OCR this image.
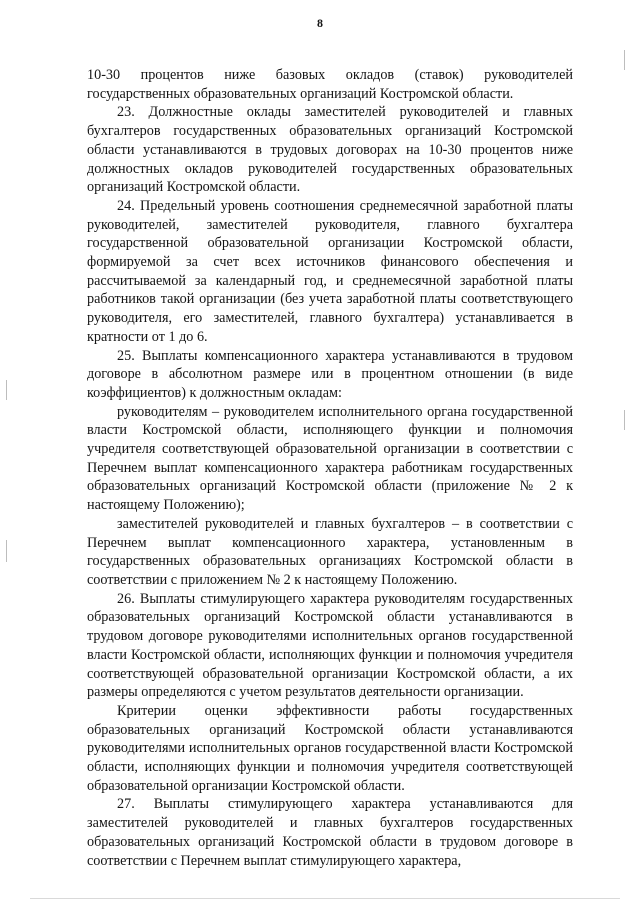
8

10-30 процентов ниже базовых окладов (ставок) руководителей государственных образовательных организаций Костромской области.

23. Должностные оклады заместителей руководителей и главных бухгалтеров государственных образовательных организаций Костромской области устанавливаются в трудовых договорах на 10-30 процентов ниже должностных окладов руководителей государственных образовательных организаций Костромской области.

24. Предельный уровень соотношения среднемесячной заработной платы руководителей, заместителей руководителя, главного бухгалтера государственной образовательной организации Костромской области, формируемой за счет всех источников финансового обеспечения и рассчитываемой за календарный год, и среднемесячной заработной платы работников такой организации (без учета заработной платы соответствующего руководителя, его заместителей, главного бухгалтера) устанавливается в кратности от 1 до 6.

25. Выплаты компенсационного характера устанавливаются в трудовом договоре в абсолютном размере или в процентном отношении (в виде коэффициентов) к должностным окладам:

руководителям – руководителем исполнительного органа государственной власти Костромской области, исполняющего функции и полномочия учредителя соответствующей образовательной организации в соответствии с Перечнем выплат компенсационного характера работникам государственных образовательных организаций Костромской области (приложение № 2 к настоящему Положению);

заместителей руководителей и главных бухгалтеров – в соответствии с Перечнем выплат компенсационного характера, установленным в государственных образовательных организациях Костромской области в соответствии с приложением № 2 к настоящему Положению.

26. Выплаты стимулирующего характера руководителям государственных образовательных организаций Костромской области устанавливаются в трудовом договоре руководителями исполнительных органов государственной власти Костромской области, исполняющих функции и полномочия учредителя соответствующей образовательной организации Костромской области, а их размеры определяются с учетом результатов деятельности организации.

Критерии оценки эффективности работы государственных образовательных организаций Костромской области устанавливаются руководителями исполнительных органов государственной власти Костромской области, исполняющих функции и полномочия учредителя соответствующей образовательной организации Костромской области.

27. Выплаты стимулирующего характера устанавливаются для заместителей руководителей и главных бухгалтеров государственных образовательных организаций Костромской области в трудовом договоре в соответствии с Перечнем выплат стимулирующего характера,
